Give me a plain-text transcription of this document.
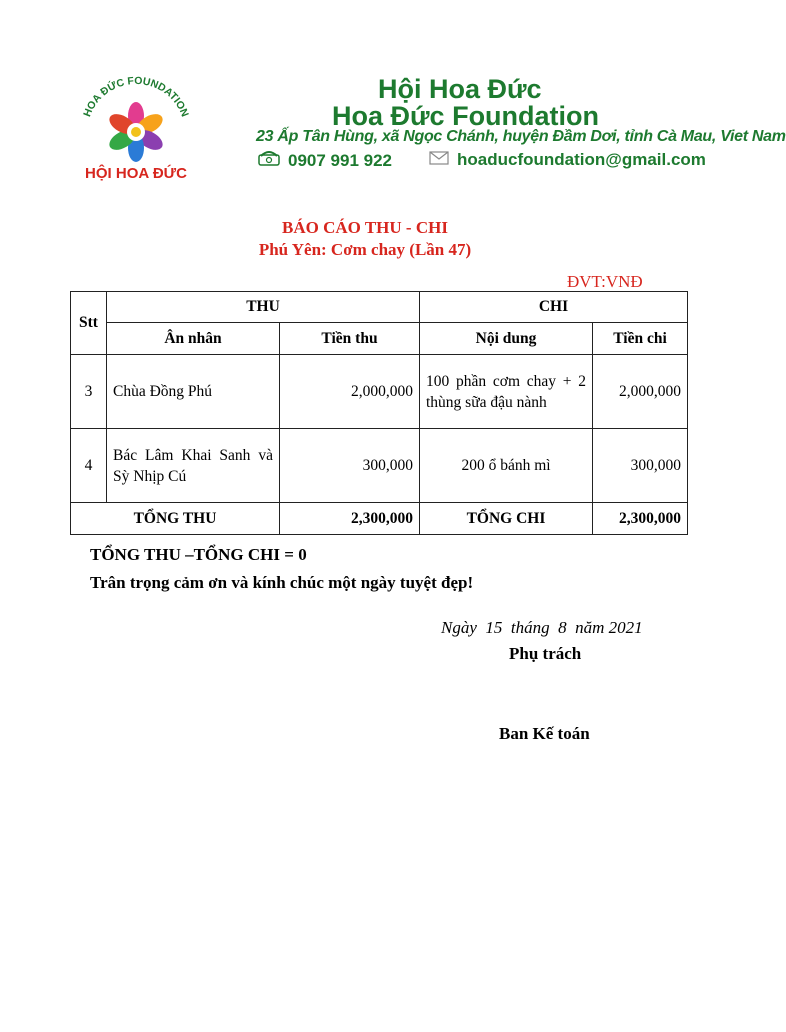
HOA ĐỨC FOUNDATION
HỘI HOA ĐỨC
Hội Hoa Đức
Hoa Đức Foundation
23 Ấp Tân Hùng, xã Ngọc Chánh, huyện Đầm Dơi, tỉnh Cà Mau, Viet Nam
0907 991 922	hoaducfoundation@gmail.com
BÁO CÁO THU - CHI
Phú Yên: Cơm chay (Lần 47)
ĐVT:VNĐ
Stt	THU		CHI	
	Ân nhân	Tiền thu	Nội dung	Tiền chi
3	Chùa Đồng Phú	2,000,000	100 phần cơm chay + 2 thùng sữa đậu nành	2,000,000
4	Bác Lâm Khai Sanh và Sỳ Nhịp Cú	300,000	200 ổ bánh mì	300,000
TỔNG THU		2,300,000	TỔNG CHI	2,300,000
TỔNG THU –TỔNG CHI = 0
Trân trọng cảm ơn và kính chúc một ngày tuyệt đẹp!
Ngày  15  tháng  8  năm 2021
Phụ trách
Ban Kế toán
